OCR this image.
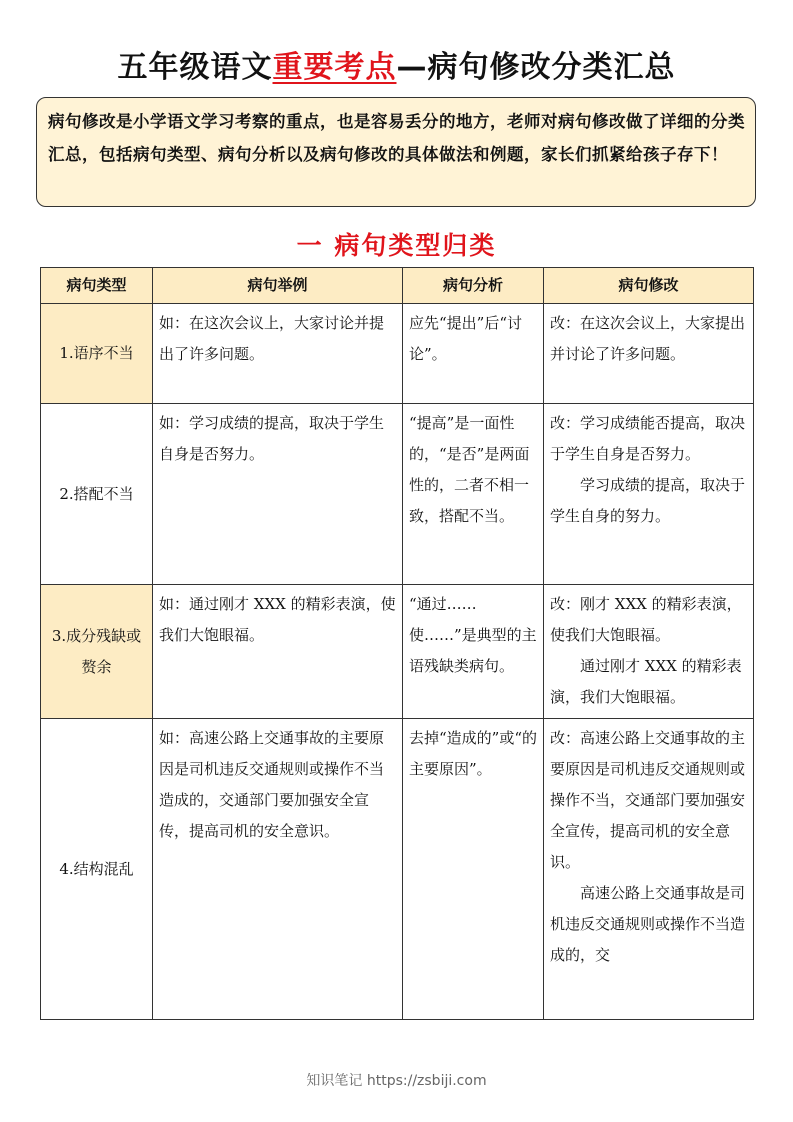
五年级语文重要考点—病句修改分类汇总
病句修改是小学语文学习考察的重点，也是容易丢分的地方，老师对病句修改做了详细的分类汇总，包括病句类型、病句分析以及病句修改的具体做法和例题，家长们抓紧给孩子存下！
一 病句类型归类
病句类型	病句举例	病句分析	病句修改
1.语序不当	如：在这次会议上，大家讨论并提出了许多问题。	应先“提出”后“讨论”。	改：在这次会议上，大家提出并讨论了许多问题。

2.搭配不当	如：学习成绩的提高，取决于学生自身是否努力。	“提高”是一面性的，“是否”是两面性的，二者不相一致，搭配不当。	改：学习成绩能否提高，取决于学生自身是否努力。
学习成绩的提高，取决于学生自身的努力。

3.成分残缺或赘余	如：通过刚才 XXX 的精彩表演，使我们大饱眼福。	“通过……使……”是典型的主语残缺类病句。	改：刚才 XXX 的精彩表演，使我们大饱眼福。
通过刚才 XXX 的精彩表演，我们大饱眼福。

4.结构混乱	如：高速公路上交通事故的主要原因是司机违反交通规则或操作不当造成的，交通部门要加强安全宣传，提高司机的安全意识。	去掉“造成的”或“的主要原因”。	改：高速公路上交通事故的主要原因是司机违反交通规则或操作不当，交通部门要加强安全宣传，提高司机的安全意识。
高速公路上交通事故是司机违反交通规则或操作不当造成的，交
知识笔记 https://zsbiji.com
